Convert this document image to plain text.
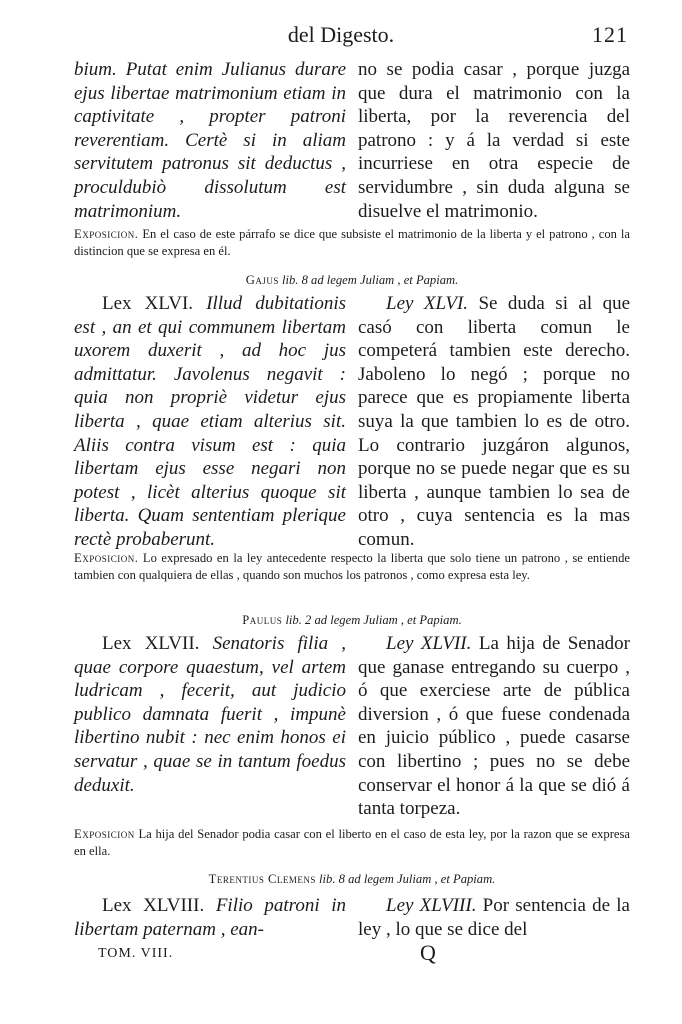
del Digesto.	121

bium. Putat enim Julianus durare ejus libertae matrimonium etiam in captivitate , propter patroni reverentiam. Certè si in aliam servitutem patronus sit deductus , proculdubiò dissolutum est matrimonium.

no se podia casar , porque juzga que dura el matrimonio con la liberta, por la reverencia del patrono : y á la verdad si este incurriese en otra especie de servidumbre , sin duda alguna se disuelve el matrimonio.

Exposicion. En el caso de este párrafo se dice que subsiste el matrimonio de la liberta y el patrono , con la distincion que se expresa en él.

Gajus lib. 8 ad legem Juliam , et Papiam.

Lex XLVI. Illud dubitationis est , an et qui communem libertam uxorem duxerit , ad hoc jus admittatur. Javolenus negavit : quia non propriè videtur ejus liberta , quae etiam alterius sit. Aliis contra visum est : quia libertam ejus esse negari non potest , licèt alterius quoque sit liberta. Quam sententiam plerique rectè probaberunt.

Ley XLVI. Se duda si al que casó con liberta comun le competerá tambien este derecho. Jaboleno lo negó ; porque no parece que es propiamente liberta suya la que tambien lo es de otro. Lo contrario juzgáron algunos, porque no se puede negar que es su liberta , aunque tambien lo sea de otro , cuya sentencia es la mas comun.

Exposicion. Lo expresado en la ley antecedente respecto la liberta que solo tiene un patrono , se entiende tambien con qualquiera de ellas , quando son muchos los patronos , como expresa esta ley.

Paulus lib. 2 ad legem Juliam , et Papiam.

Lex XLVII. Senatoris filia , quae corpore quaestum, vel artem ludricam , fecerit, aut judicio publico damnata fuerit , impunè libertino nubit : nec enim honos ei servatur , quae se in tantum foedus deduxit.

Ley XLVII. La hija de Senador que ganase entregando su cuerpo , ó que exerciese arte de pública diversion , ó que fuese condenada en juicio público , puede casarse con libertino ; pues no se debe conservar el honor á la que se dió á tanta torpeza.

Exposicion La hija del Senador podia casar con el liberto en el caso de esta ley, por la razon que se expresa en ella.

Terentius Clemens lib. 8 ad legem Juliam , et Papiam.

Lex XLVIII. Filio patroni in libertam paternam , ean-

Ley XLVIII. Por sentencia de la ley , lo que se dice del

TOM. VIII.	Q
